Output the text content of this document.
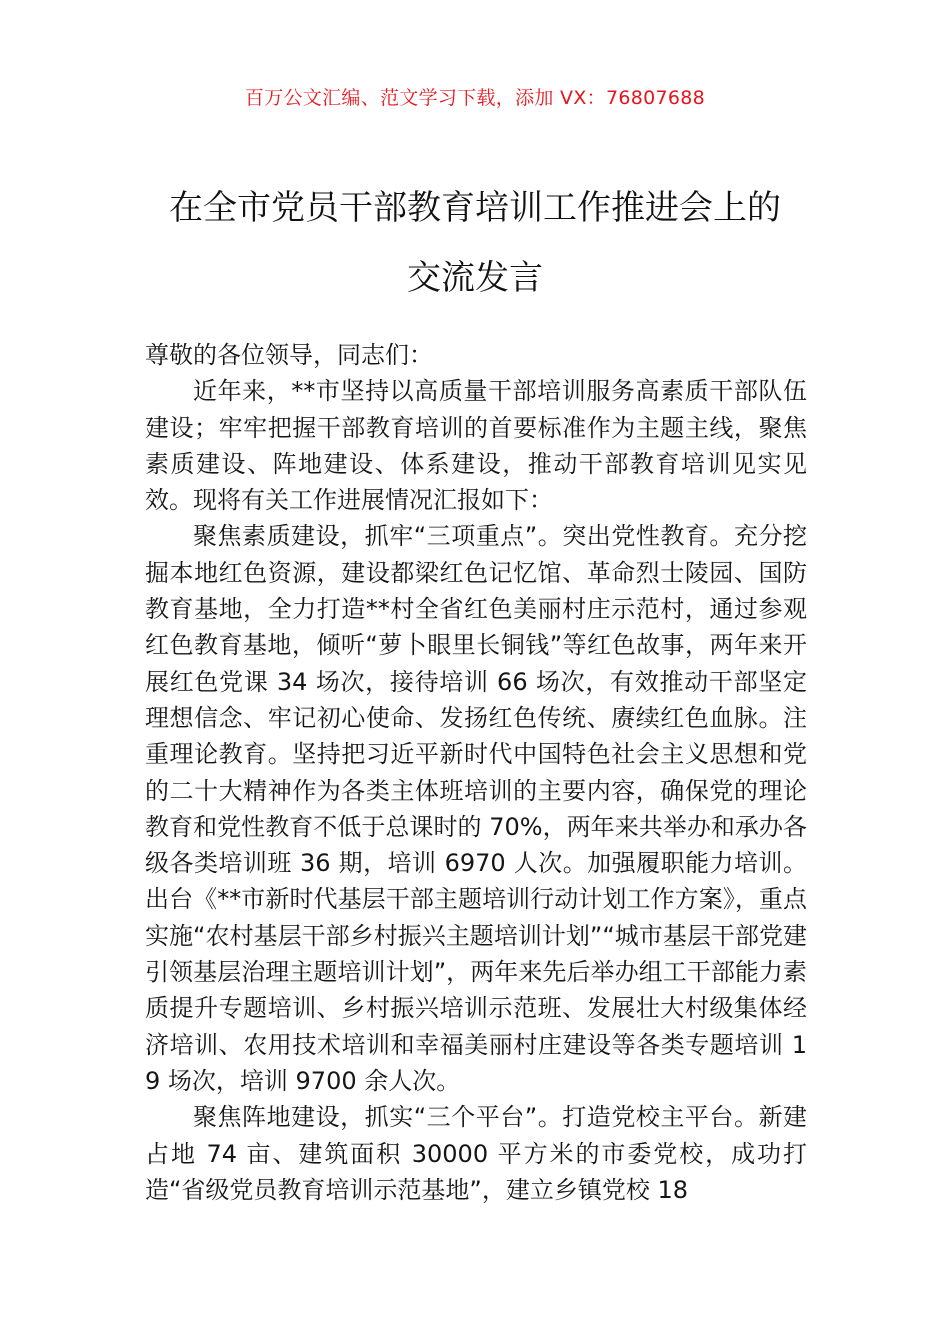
百万公文汇编、范文学习下载，添加 VX：76807688
在全市党员干部教育培训工作推进会上的
交流发言

尊敬的各位领导，同志们：

近年来，**市坚持以高质量干部培训服务高素质干部队伍建设；牢牢把握干部教育培训的首要标准作为主题主线，聚焦素质建设、阵地建设、体系建设，推动干部教育培训见实见效。现将有关工作进展情况汇报如下：

聚焦素质建设，抓牢“三项重点”。突出党性教育。充分挖掘本地红色资源，建设都梁红色记忆馆、革命烈士陵园、国防教育基地，全力打造**村全省红色美丽村庄示范村，通过参观红色教育基地，倾听“萝卜眼里长铜钱”等红色故事，两年来开展红色党课 34 场次，接待培训 66 场次，有效推动干部坚定理想信念、牢记初心使命、发扬红色传统、赓续红色血脉。注重理论教育。坚持把习近平新时代中国特色社会主义思想和党的二十大精神作为各类主体班培训的主要内容，确保党的理论教育和党性教育不低于总课时的 70%，两年来共举办和承办各级各类培训班 36 期，培训 6970 人次。加强履职能力培训。出台《**市新时代基层干部主题培训行动计划工作方案》，重点实施“农村基层干部乡村振兴主题培训计划”“城市基层干部党建引领基层治理主题培训计划”，两年来先后举办组工干部能力素质提升专题培训、乡村振兴培训示范班、发展壮大村级集体经济培训、农用技术培训和幸福美丽村庄建设等各类专题培训 19 场次，培训 9700 余人次。

聚焦阵地建设，抓实“三个平台”。打造党校主平台。新建占地 74 亩、建筑面积 30000 平方米的市委党校，成功打造“省级党员教育培训示范基地”，建立乡镇党校 18
